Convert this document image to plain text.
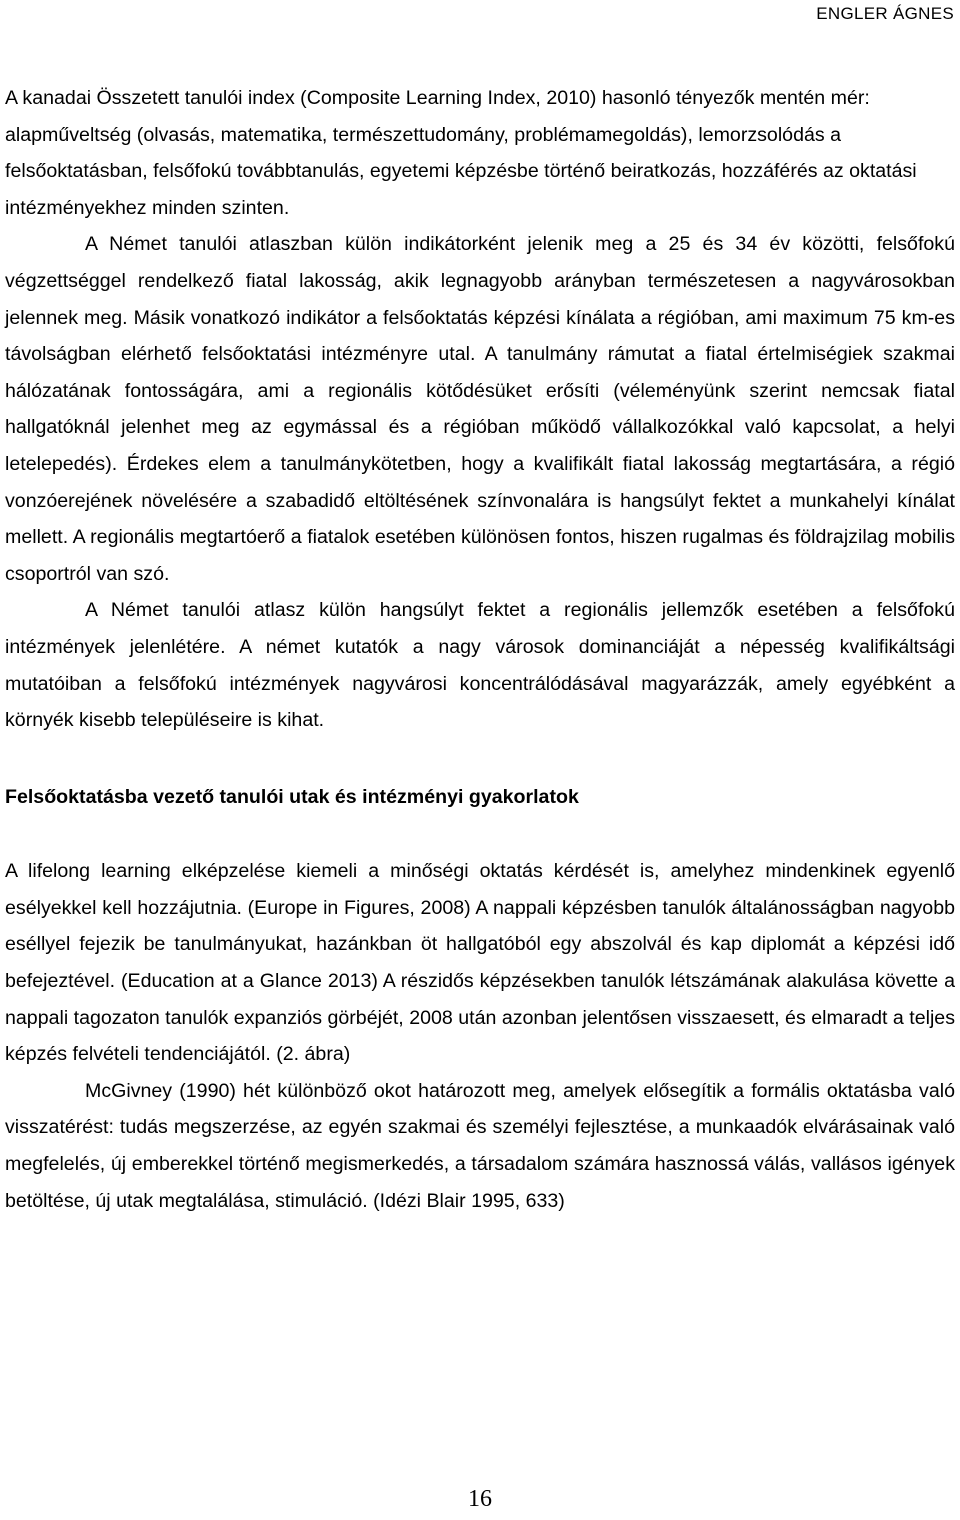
ENGLER ÁGNES

A kanadai Összetett tanulói index (Composite Learning Index, 2010) hasonló tényezők mentén mér: alapműveltség (olvasás, matematika, természettudomány, problémamegoldás), lemorzsolódás a felsőoktatásban, felsőfokú továbbtanulás, egyetemi képzésbe történő beiratkozás, hozzáférés az oktatási intézményekhez minden szinten.

A Német tanulói atlaszban külön indikátorként jelenik meg a 25 és 34 év közötti, felsőfokú végzettséggel rendelkező fiatal lakosság, akik legnagyobb arányban természetesen a nagyvárosokban jelennek meg. Másik vonatkozó indikátor a felsőoktatás képzési kínálata a régióban, ami maximum 75 km-es távolságban elérhető felsőoktatási intézményre utal. A tanulmány rámutat a fiatal értelmiségiek szakmai hálózatának fontosságára, ami a regionális kötődésüket erősíti (véleményünk szerint nemcsak fiatal hallgatóknál jelenhet meg az egymással és a régióban működő vállalkozókkal való kapcsolat, a helyi letelepedés). Érdekes elem a tanulmánykötetben, hogy a kvalifikált fiatal lakosság megtartására, a régió vonzóerejének növelésére a szabadidő eltöltésének színvonalára is hangsúlyt fektet a munkahelyi kínálat mellett. A regionális megtartóerő a fiatalok esetében különösen fontos, hiszen rugalmas és földrajzilag mobilis csoportról van szó.

A Német tanulói atlasz külön hangsúlyt fektet a regionális jellemzők esetében a felsőfokú intézmények jelenlétére. A német kutatók a nagy városok dominanciáját a népesség kvalifikáltsági mutatóiban a felsőfokú intézmények nagyvárosi koncentrálódásával magyarázzák, amely egyébként a környék kisebb településeire is kihat.

Felsőoktatásba vezető tanulói utak és intézményi gyakorlatok

A lifelong learning elképzelése kiemeli a minőségi oktatás kérdését is, amelyhez mindenkinek egyenlő esélyekkel kell hozzájutnia. (Europe in Figures, 2008) A nappali képzésben tanulók általánosságban nagyobb eséllyel fejezik be tanulmányukat, hazánkban öt hallgatóból egy abszolvál és kap diplomát a képzési idő befejeztével. (Education at a Glance 2013) A részidős képzésekben tanulók létszámának alakulása követte a nappali tagozaton tanulók expanziós görbéjét, 2008 után azonban jelentősen visszaesett, és elmaradt a teljes képzés felvételi tendenciájától. (2. ábra)

McGivney (1990) hét különböző okot határozott meg, amelyek elősegítik a formális oktatásba való visszatérést: tudás megszerzése, az egyén szakmai és személyi fejlesztése, a munkaadók elvárásainak való megfelelés, új emberekkel történő megismerkedés, a társadalom számára hasznossá válás, vallásos igények betöltése, új utak megtalálása, stimuláció. (Idézi Blair 1995, 633)

16
